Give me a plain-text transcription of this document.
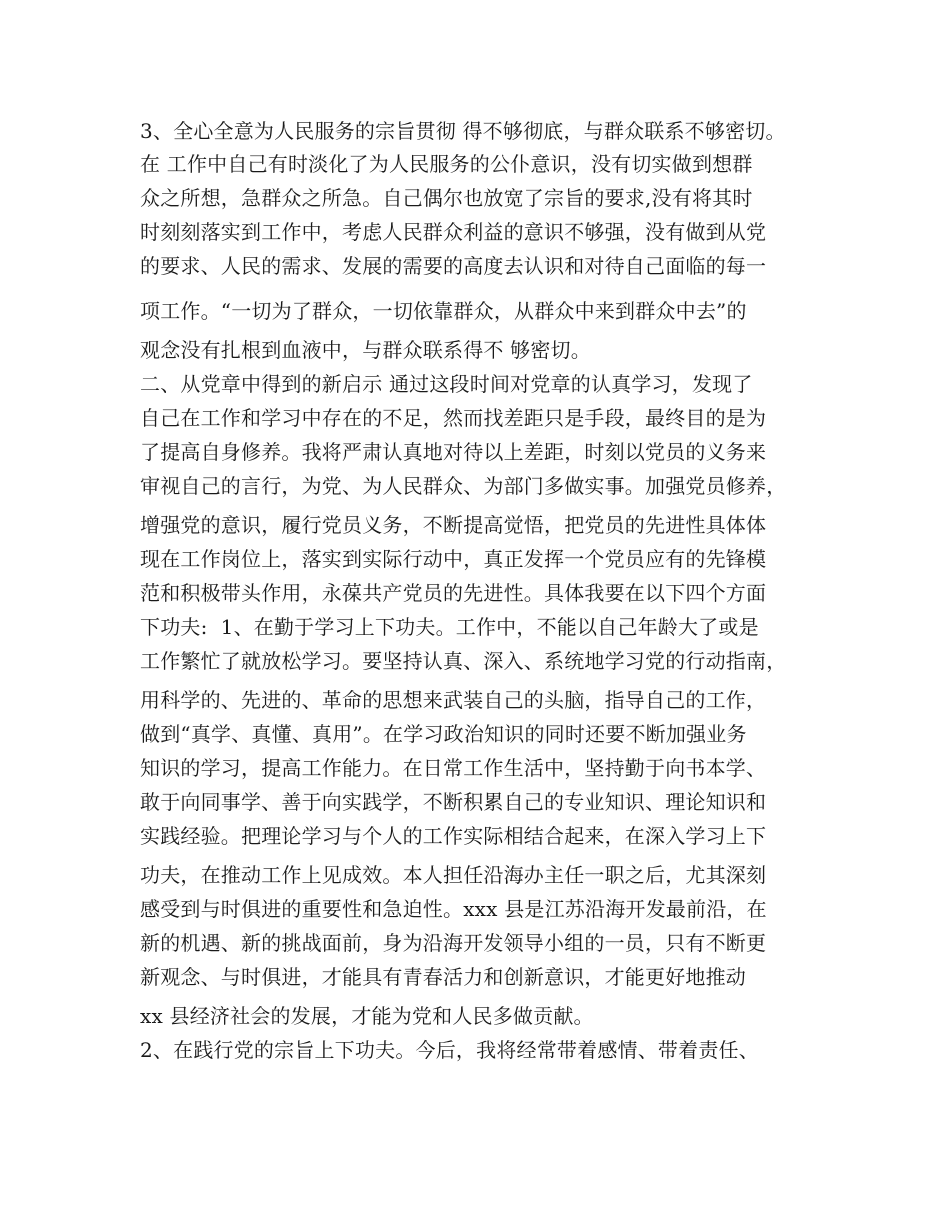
3、全心全意为人民服务的宗旨贯彻 得不够彻底，与群众联系不够密切。
在 工作中自己有时淡化了为人民服务的公仆意识，没有切实做到想群
众之所想，急群众之所急。自己偶尔也放宽了宗旨的要求,没有将其时
时刻刻落实到工作中，考虑人民群众利益的意识不够强，没有做到从党
的要求、人民的需求、发展的需要的高度去认识和对待自己面临的每一
项工作。“一切为了群众，一切依靠群众，从群众中来到群众中去”的
观念没有扎根到血液中，与群众联系得不 够密切。
二、从党章中得到的新启示 通过这段时间对党章的认真学习，发现了
自己在工作和学习中存在的不足，然而找差距只是手段，最终目的是为
了提高自身修养。我将严肃认真地对待以上差距，时刻以党员的义务来
审视自己的言行，为党、为人民群众、为部门多做实事。加强党员修养，
增强党的意识，履行党员义务，不断提高觉悟，把党员的先进性具体体
现在工作岗位上，落实到实际行动中，真正发挥一个党员应有的先锋模
范和积极带头作用，永葆共产党员的先进性。具体我要在以下四个方面
下功夫:  1、在勤于学习上下功夫。工作中，不能以自己年龄大了或是
工作繁忙了就放松学习。要坚持认真、深入、系统地学习党的行动指南，
用科学的、先进的、革命的思想来武装自己的头脑，指导自己的工作，
做到“真学、真懂、真用”。在学习政治知识的同时还要不断加强业务
知识的学习，提高工作能力。在日常工作生活中，坚持勤于向书本学、
敢于向同事学、善于向实践学，不断积累自己的专业知识、理论知识和
实践经验。把理论学习与个人的工作实际相结合起来，在深入学习上下
功夫，在推动工作上见成效。本人担任沿海办主任一职之后，尤其深刻
感受到与时俱进的重要性和急迫性。xxx 县是江苏沿海开发最前沿，在
新的机遇、新的挑战面前，身为沿海开发领导小组的一员，只有不断更
新观念、与时俱进，才能具有青春活力和创新意识，才能更好地推动
xx 县经济社会的发展，才能为党和人民多做贡献。
2、在践行党的宗旨上下功夫。今后，我将经常带着感情、带着责任、
